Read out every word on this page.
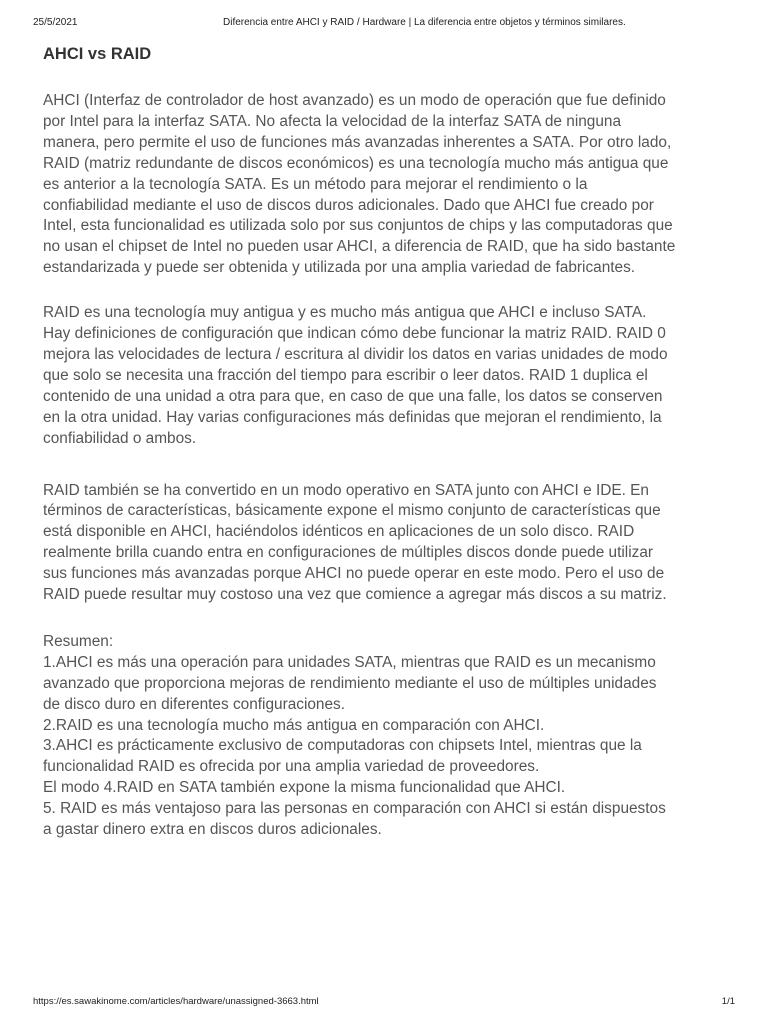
25/5/2021	Diferencia entre AHCI y RAID / Hardware | La diferencia entre objetos y términos similares.
AHCI vs RAID

AHCI (Interfaz de controlador de host avanzado) es un modo de operación que fue definido
por Intel para la interfaz SATA. No afecta la velocidad de la interfaz SATA de ninguna
manera, pero permite el uso de funciones más avanzadas inherentes a SATA. Por otro lado,
RAID (matriz redundante de discos económicos) es una tecnología mucho más antigua que
es anterior a la tecnología SATA. Es un método para mejorar el rendimiento o la
confiabilidad mediante el uso de discos duros adicionales. Dado que AHCI fue creado por
Intel, esta funcionalidad es utilizada solo por sus conjuntos de chips y las computadoras que
no usan el chipset de Intel no pueden usar AHCI, a diferencia de RAID, que ha sido bastante
estandarizada y puede ser obtenida y utilizada por una amplia variedad de fabricantes.

RAID es una tecnología muy antigua y es mucho más antigua que AHCI e incluso SATA.
Hay definiciones de configuración que indican cómo debe funcionar la matriz RAID. RAID 0
mejora las velocidades de lectura / escritura al dividir los datos en varias unidades de modo
que solo se necesita una fracción del tiempo para escribir o leer datos. RAID 1 duplica el
contenido de una unidad a otra para que, en caso de que una falle, los datos se conserven
en la otra unidad. Hay varias configuraciones más definidas que mejoran el rendimiento, la
confiabilidad o ambos.

RAID también se ha convertido en un modo operativo en SATA junto con AHCI e IDE. En
términos de características, básicamente expone el mismo conjunto de características que
está disponible en AHCI, haciéndolos idénticos en aplicaciones de un solo disco. RAID
realmente brilla cuando entra en configuraciones de múltiples discos donde puede utilizar
sus funciones más avanzadas porque AHCI no puede operar en este modo. Pero el uso de
RAID puede resultar muy costoso una vez que comience a agregar más discos a su matriz.

Resumen:
1.AHCI es más una operación para unidades SATA, mientras que RAID es un mecanismo
avanzado que proporciona mejoras de rendimiento mediante el uso de múltiples unidades
de disco duro en diferentes configuraciones.
2.RAID es una tecnología mucho más antigua en comparación con AHCI.
3.AHCI es prácticamente exclusivo de computadoras con chipsets Intel, mientras que la
funcionalidad RAID es ofrecida por una amplia variedad de proveedores.
El modo 4.RAID en SATA también expone la misma funcionalidad que AHCI.
5. RAID es más ventajoso para las personas en comparación con AHCI si están dispuestos
a gastar dinero extra en discos duros adicionales.

https://es.sawakinome.com/articles/hardware/unassigned-3663.html	1/1
